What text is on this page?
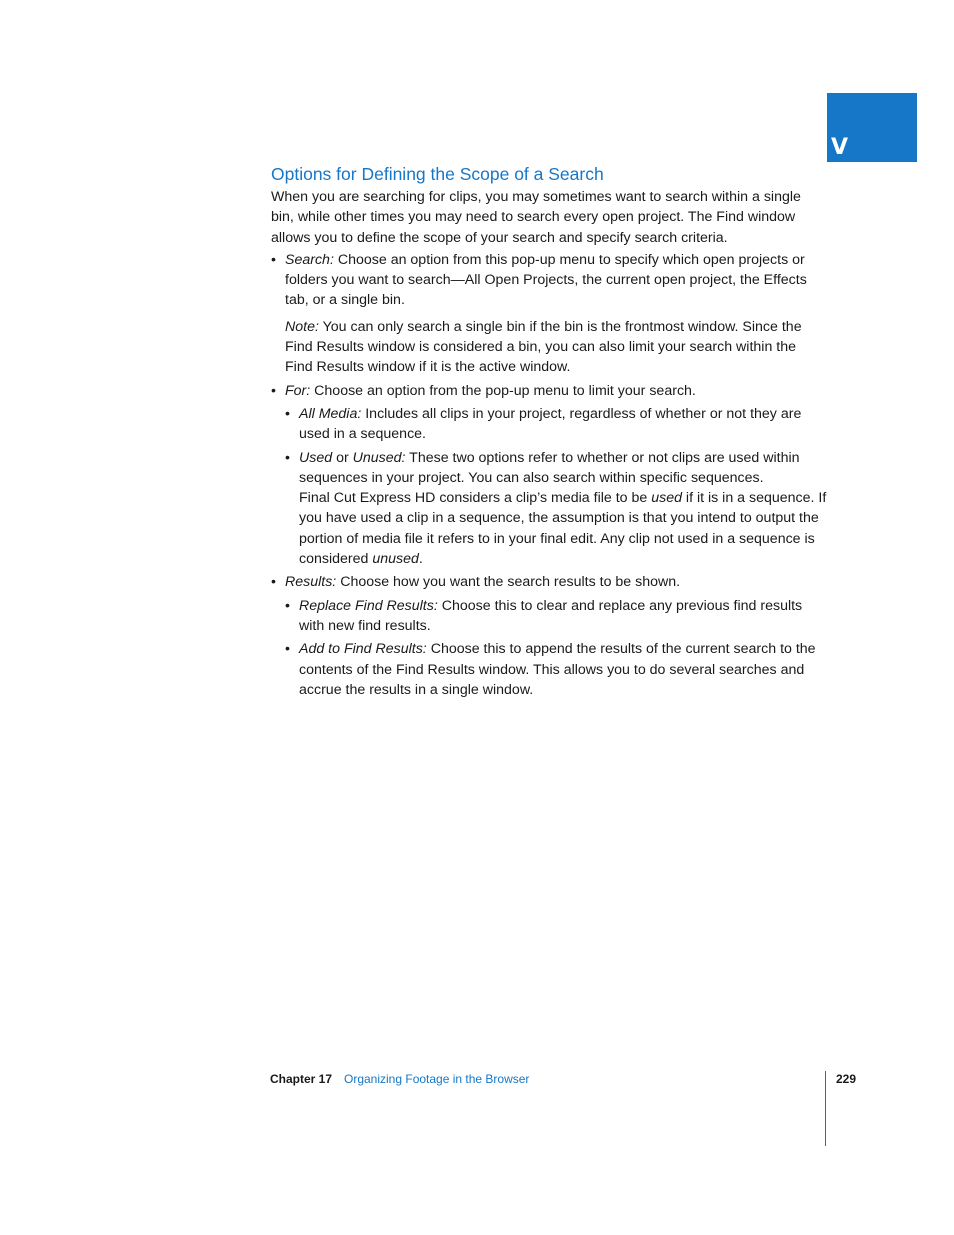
V
Options for Defining the Scope of a Search

When you are searching for clips, you may sometimes want to search within a single bin, while other times you may need to search every open project. The Find window allows you to define the scope of your search and specify search criteria.

• Search: Choose an option from this pop-up menu to specify which open projects or folders you want to search—All Open Projects, the current open project, the Effects tab, or a single bin.

Note: You can only search a single bin if the bin is the frontmost window. Since the Find Results window is considered a bin, you can also limit your search within the Find Results window if it is the active window.

• For: Choose an option from the pop-up menu to limit your search.

• All Media: Includes all clips in your project, regardless of whether or not they are used in a sequence.

• Used or Unused: These two options refer to whether or not clips are used within sequences in your project. You can also search within specific sequences.

Final Cut Express HD considers a clip’s media file to be used if it is in a sequence. If you have used a clip in a sequence, the assumption is that you intend to output the portion of media file it refers to in your final edit. Any clip not used in a sequence is considered unused.

• Results: Choose how you want the search results to be shown.

• Replace Find Results: Choose this to clear and replace any previous find results with new find results.

• Add to Find Results: Choose this to append the results of the current search to the contents of the Find Results window. This allows you to do several searches and accrue the results in a single window.

Chapter 17 Organizing Footage in the Browser	229
